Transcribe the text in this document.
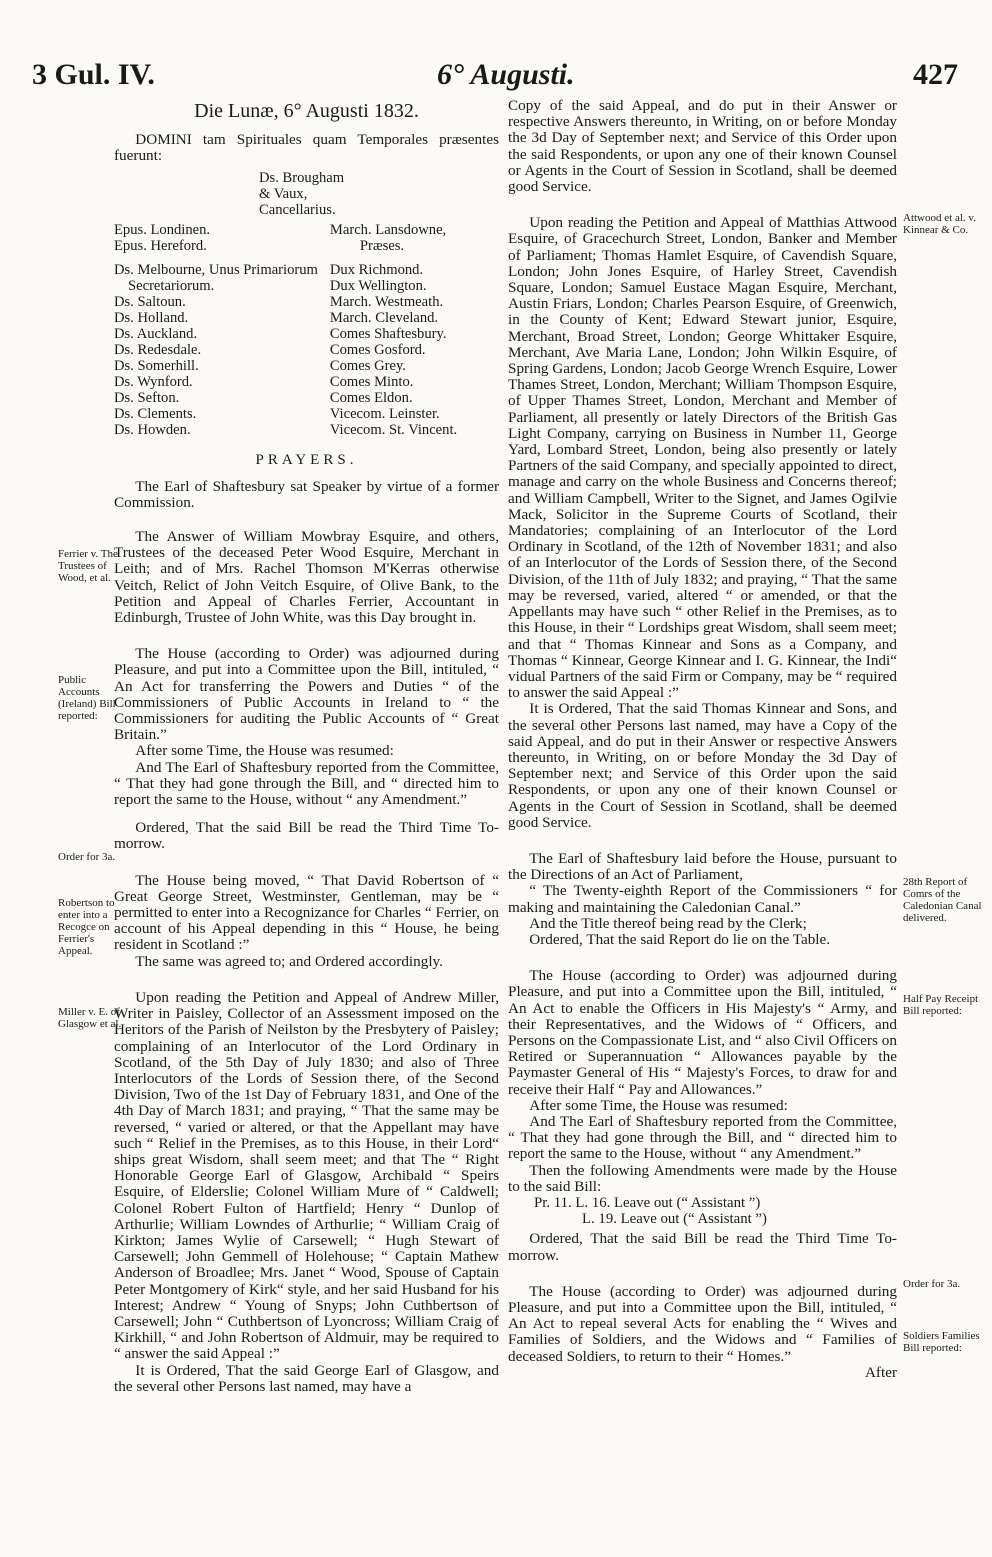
3 Gul. IV.	6° Augusti.	427

Die Lunæ, 6° Augusti 1832.

DOMINI tam Spirituales quam Temporales præsentes fuerunt:

Ds. Brougham
& Vaux,
Cancellarius.
Epus. Londinen.
Epus. Hereford.
Ds. Melbourne, Unus Primariorum
Secretariorum.
Ds. Saltoun.
Ds. Holland.
Ds. Auckland.
Ds. Redesdale.
Ds. Somerhill.
Ds. Wynford.
Ds. Sefton.
Ds. Clements.
Ds. Howden.
March. Lansdowne,
Præses.
Dux Richmond.
Dux Wellington.
March. Westmeath.
March. Cleveland.
Comes Shaftesbury.
Comes Gosford.
Comes Grey.
Comes Minto.
Comes Eldon.
Vicecom. Leinster.
Vicecom. St. Vincent.
PRAYERS.

The Earl of Shaftesbury sat Speaker by virtue of a former Commission.

The Answer of William Mowbray Esquire, and others, Trustees of the deceased Peter Wood Esquire, Merchant in Leith; and of Mrs. Rachel Thomson M'Kerras otherwise Veitch, Relict of John Veitch Esquire, of Olive Bank, to the Petition and Appeal of Charles Ferrier, Accountant in Edinburgh, Trustee of John White, was this Day brought in.

The House (according to Order) was adjourned during Pleasure, and put into a Committee upon the Bill, intituled, “ An Act for transferring the Powers and Duties “ of the Commissioners of Public Accounts in Ireland to “ the Commissioners for auditing the Public Accounts of “ Great Britain.”

After some Time, the House was resumed:

And The Earl of Shaftesbury reported from the Committee, “ That they had gone through the Bill, and “ directed him to report the same to the House, without “ any Amendment.”

Ordered, That the said Bill be read the Third Time To-morrow.

The House being moved, “ That David Robertson of “ Great George Street, Westminster, Gentleman, may be “ permitted to enter into a Recognizance for Charles “ Ferrier, on account of his Appeal depending in this “ House, he being resident in Scotland :”

The same was agreed to; and Ordered accordingly.

Upon reading the Petition and Appeal of Andrew Miller, Writer in Paisley, Collector of an Assessment imposed on the Heritors of the Parish of Neilston by the Presbytery of Paisley; complaining of an Interlocutor of the Lord Ordinary in Scotland, of the 5th Day of July 1830; and also of Three Interlocutors of the Lords of Session there, of the Second Division, Two of the 1st Day of February 1831, and One of the 4th Day of March 1831; and praying, “ That the same may be reversed, “ varied or altered, or that the Appellant may have such “ Relief in the Premises, as to this House, in their Lord“ ships great Wisdom, shall seem meet; and that The “ Right Honorable George Earl of Glasgow, Archibald “ Speirs Esquire, of Elderslie; Colonel William Mure of “ Caldwell; Colonel Robert Fulton of Hartfield; Henry “ Dunlop of Arthurlie; William Lowndes of Arthurlie; “ William Craig of Kirkton; James Wylie of Carsewell; “ Hugh Stewart of Carsewell; John Gemmell of Holehouse; “ Captain Mathew Anderson of Broadlee; Mrs. Janet “ Wood, Spouse of Captain Peter Montgomery of Kirk“ style, and her said Husband for his Interest; Andrew “ Young of Snyps; John Cuthbertson of Carsewell; John “ Cuthbertson of Lyoncross; William Craig of Kirkhill, “ and John Robertson of Aldmuir, may be required to “ answer the said Appeal :”

It is Ordered, That the said George Earl of Glasgow, and the several other Persons last named, may have a

Copy of the said Appeal, and do put in their Answer or respective Answers thereunto, in Writing, on or before Monday the 3d Day of September next; and Service of this Order upon the said Respondents, or upon any one of their known Counsel or Agents in the Court of Session in Scotland, shall be deemed good Service.

Upon reading the Petition and Appeal of Matthias Attwood Esquire, of Gracechurch Street, London, Banker and Member of Parliament; Thomas Hamlet Esquire, of Cavendish Square, London; John Jones Esquire, of Harley Street, Cavendish Square, London; Samuel Eustace Magan Esquire, Merchant, Austin Friars, London; Charles Pearson Esquire, of Greenwich, in the County of Kent; Edward Stewart junior, Esquire, Merchant, Broad Street, London; George Whittaker Esquire, Merchant, Ave Maria Lane, London; John Wilkin Esquire, of Spring Gardens, London; Jacob George Wrench Esquire, Lower Thames Street, London, Merchant; William Thompson Esquire, of Upper Thames Street, London, Merchant and Member of Parliament, all presently or lately Directors of the British Gas Light Company, carrying on Business in Number 11, George Yard, Lombard Street, London, being also presently or lately Partners of the said Company, and specially appointed to direct, manage and carry on the whole Business and Concerns thereof; and William Campbell, Writer to the Signet, and James Ogilvie Mack, Solicitor in the Supreme Courts of Scotland, their Mandatories; complaining of an Interlocutor of the Lord Ordinary in Scotland, of the 12th of November 1831; and also of an Interlocutor of the Lords of Session there, of the Second Division, of the 11th of July 1832; and praying, “ That the same may be reversed, varied, altered “ or amended, or that the Appellants may have such “ other Relief in the Premises, as to this House, in their “ Lordships great Wisdom, shall seem meet; and that “ Thomas Kinnear and Sons as a Company, and Thomas “ Kinnear, George Kinnear and I. G. Kinnear, the Indi“ vidual Partners of the said Firm or Company, may be “ required to answer the said Appeal :”

It is Ordered, That the said Thomas Kinnear and Sons, and the several other Persons last named, may have a Copy of the said Appeal, and do put in their Answer or respective Answers thereunto, in Writing, on or before Monday the 3d Day of September next; and Service of this Order upon the said Respondents, or upon any one of their known Counsel or Agents in the Court of Session in Scotland, shall be deemed good Service.

The Earl of Shaftesbury laid before the House, pursuant to the Directions of an Act of Parliament,

“ The Twenty-eighth Report of the Commissioners “ for making and maintaining the Caledonian Canal.”

And the Title thereof being read by the Clerk;

Ordered, That the said Report do lie on the Table.

The House (according to Order) was adjourned during Pleasure, and put into a Committee upon the Bill, intituled, “ An Act to enable the Officers in His Majesty's “ Army, and their Representatives, and the Widows of “ Officers, and Persons on the Compassionate List, and “ also Civil Officers on Retired or Superannuation “ Allowances payable by the Paymaster General of His “ Majesty's Forces, to draw for and receive their Half “ Pay and Allowances.”

After some Time, the House was resumed:

And The Earl of Shaftesbury reported from the Committee, “ That they had gone through the Bill, and “ directed him to report the same to the House, without “ any Amendment.”

Then the following Amendments were made by the House to the said Bill:

Pr. 11. L. 16. Leave out (“ Assistant ”)
L. 19. Leave out (“ Assistant ”)

Ordered, That the said Bill be read the Third Time To-morrow.

The House (according to Order) was adjourned during Pleasure, and put into a Committee upon the Bill, intituled, “ An Act to repeal several Acts for enabling the “ Wives and Families of Soldiers, and the Widows and “ Families of deceased Soldiers, to return to their “ Homes.”

After
Ferrier v. The Trustees of Wood, et al.
Public Accounts (Ireland) Bill reported:
Order for 3a.
Robertson to enter into a Recogce on Ferrier's Appeal.
Miller v. E. of Glasgow et al.
Attwood et al. v. Kinnear & Co.
28th Report of Comrs of the Caledonian Canal delivered.
Half Pay Receipt Bill reported:
Order for 3a.
Soldiers Families Bill reported:
